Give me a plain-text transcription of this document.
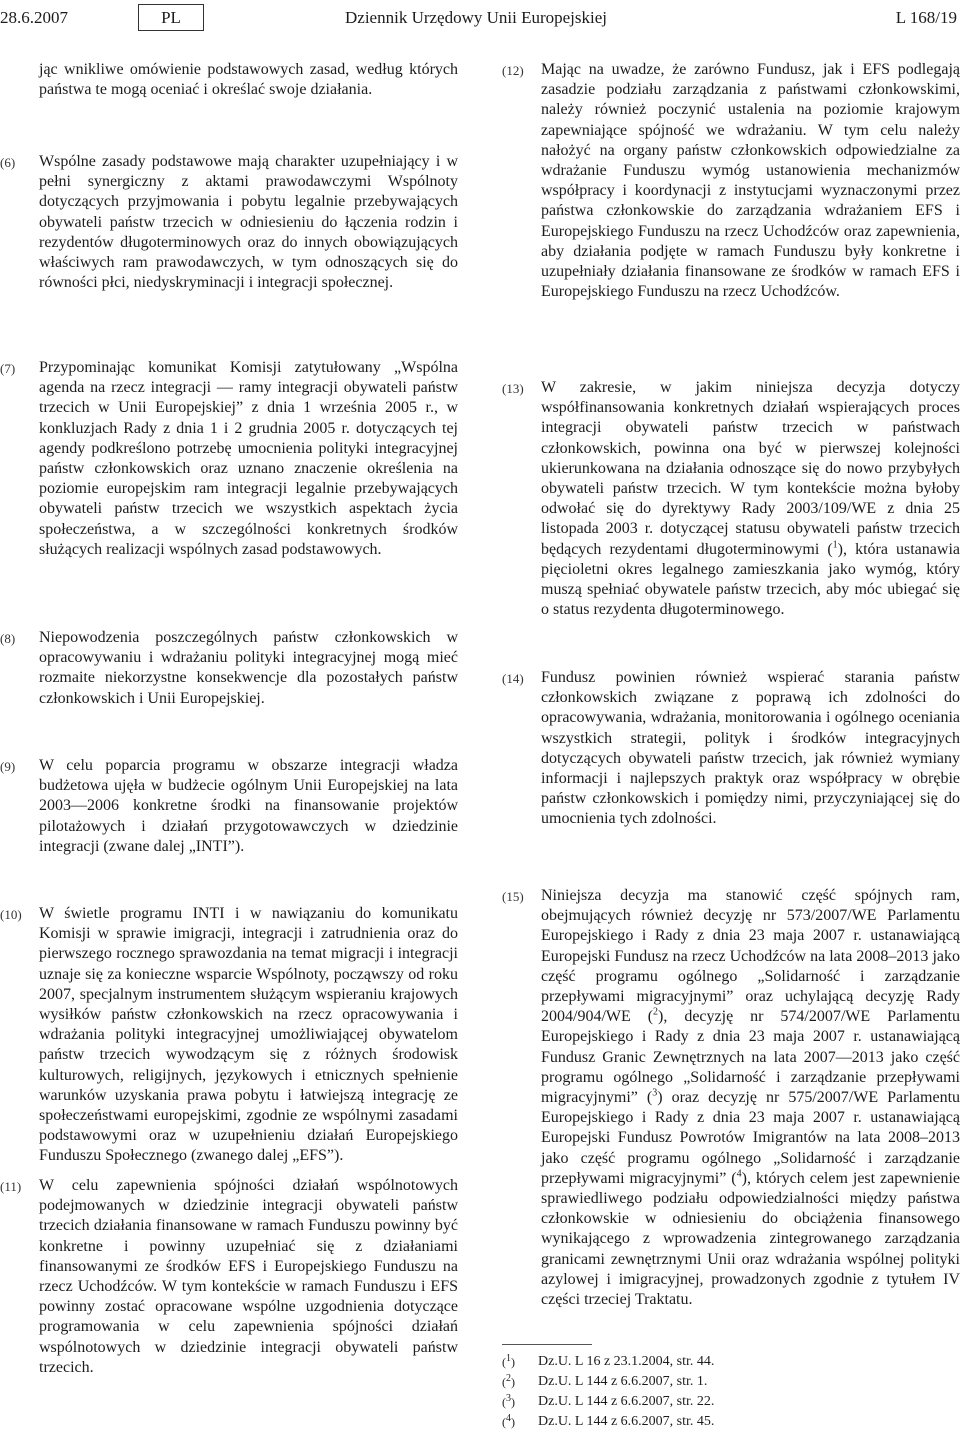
28.6.2007	PL	Dziennik Urzędowy Unii Europejskiej	L 168/19
jąc wnikliwe omówienie podstawowych zasad, według których państwa te mogą oceniać i określać swoje działania.
(6) Wspólne zasady podstawowe mają charakter uzupełniający i w pełni synergiczny z aktami prawodawczymi Wspólnoty dotyczących przyjmowania i pobytu legalnie przebywających obywateli państw trzecich w odniesieniu do łączenia rodzin i rezydentów długoterminowych oraz do innych obowiązujących właściwych ram prawodawczych, w tym odnoszących się do równości płci, niedyskryminacji i integracji społecznej.
(7) Przypominając komunikat Komisji zatytułowany „Wspólna agenda na rzecz integracji — ramy integracji obywateli państw trzecich w Unii Europejskiej” z dnia 1 września 2005 r., w konkluzjach Rady z dnia 1 i 2 grudnia 2005 r. dotyczących tej agendy podkreślono potrzebę umocnienia polityki integracyjnej państw członkowskich oraz uznano znaczenie określenia na poziomie europejskim ram integracji legalnie przebywających obywateli państw trzecich we wszystkich aspektach życia społeczeństwa, a w szczególności konkretnych środków służących realizacji wspólnych zasad podstawowych.
(8) Niepowodzenia poszczególnych państw członkowskich w opracowywaniu i wdrażaniu polityki integracyjnej mogą mieć rozmaite niekorzystne konsekwencje dla pozostałych państw członkowskich i Unii Europejskiej.
(9) W celu poparcia programu w obszarze integracji władza budżetowa ujęła w budżecie ogólnym Unii Europejskiej na lata 2003—2006 konkretne środki na finansowanie projektów pilotażowych i działań przygotowawczych w dziedzinie integracji (zwane dalej „INTI”).
(10) W świetle programu INTI i w nawiązaniu do komunikatu Komisji w sprawie imigracji, integracji i zatrudnienia oraz do pierwszego rocznego sprawozdania na temat migracji i integracji uznaje się za konieczne wsparcie Wspólnoty, począwszy od roku 2007, specjalnym instrumentem służącym wspieraniu krajowych wysiłków państw członkowskich na rzecz opracowywania i wdrażania polityki integracyjnej umożliwiającej obywatelom państw trzecich wywodzącym się z różnych środowisk kulturowych, religijnych, językowych i etnicznych spełnienie warunków uzyskania prawa pobytu i łatwiejszą integrację ze społeczeństwami europejskimi, zgodnie ze wspólnymi zasadami podstawowymi oraz w uzupełnieniu działań Europejskiego Funduszu Społecznego (zwanego dalej „EFS”).
(11) W celu zapewnienia spójności działań wspólnotowych podejmowanych w dziedzinie integracji obywateli państw trzecich działania finansowane w ramach Funduszu powinny być konkretne i powinny uzupełniać się z działaniami finansowanymi ze środków EFS i Europejskiego Funduszu na rzecz Uchodźców. W tym kontekście w ramach Funduszu i EFS powinny zostać opracowane wspólne uzgodnienia dotyczące programowania w celu zapewnienia spójności działań wspólnotowych w dziedzinie integracji obywateli państw trzecich.
(12) Mając na uwadze, że zarówno Fundusz, jak i EFS podlegają zasadzie podziału zarządzania z państwami członkowskimi, należy również poczynić ustalenia na poziomie krajowym zapewniające spójność we wdrażaniu. W tym celu należy nałożyć na organy państw członkowskich odpowiedzialne za wdrażanie Funduszu wymóg ustanowienia mechanizmów współpracy i koordynacji z instytucjami wyznaczonymi przez państwa członkowskie do zarządzania wdrażaniem EFS i Europejskiego Funduszu na rzecz Uchodźców oraz zapewnienia, aby działania podjęte w ramach Funduszu były konkretne i uzupełniały działania finansowane ze środków w ramach EFS i Europejskiego Funduszu na rzecz Uchodźców.
(13) W zakresie, w jakim niniejsza decyzja dotyczy współfinansowania konkretnych działań wspierających proces integracji obywateli państw trzecich w państwach członkowskich, powinna ona być w pierwszej kolejności ukierunkowana na działania odnoszące się do nowo przybyłych obywateli państw trzecich. W tym kontekście można byłoby odwołać się do dyrektywy Rady 2003/109/WE z dnia 25 listopada 2003 r. dotyczącej statusu obywateli państw trzecich będących rezydentami długoterminowymi ($^1$), która ustanawia pięcioletni okres legalnego zamieszkania jako wymóg, który muszą spełniać obywatele państw trzecich, aby móc ubiegać się o status rezydenta długoterminowego.
(14) Fundusz powinien również wspierać starania państw członkowskich związane z poprawą ich zdolności do opracowywania, wdrażania, monitorowania i ogólnego oceniania wszystkich strategii, polityk i środków integracyjnych dotyczących obywateli państw trzecich, jak również wymiany informacji i najlepszych praktyk oraz współpracy w obrębie państw członkowskich i pomiędzy nimi, przyczyniającej się do umocnienia tych zdolności.
(15) Niniejsza decyzja ma stanowić część spójnych ram, obejmujących również decyzję nr 573/2007/WE Parlamentu Europejskiego i Rady z dnia 23 maja 2007 r. ustanawiającą Europejski Fundusz na rzecz Uchodźców na lata 2008–2013 jako część programu ogólnego „Solidarność i zarządzanie przepływami migracyjnymi” oraz uchylającą decyzję Rady 2004/904/WE ($^2$), decyzję nr 574/2007/WE Parlamentu Europejskiego i Rady z dnia 23 maja 2007 r. ustanawiającą Fundusz Granic Zewnętrznych na lata 2007—2013 jako część programu ogólnego „Solidarność i zarządzanie przepływami migracyjnymi” ($^3$) oraz decyzję nr 575/2007/WE Parlamentu Europejskiego i Rady z dnia 23 maja 2007 r. ustanawiającą Europejski Fundusz Powrotów Imigrantów na lata 2008–2013 jako część programu ogólnego „Solidarność i zarządzanie przepływami migracyjnymi” ($^4$), których celem jest zapewnienie sprawiedliwego podziału odpowiedzialności między państwa członkowskie w odniesieniu do obciążenia finansowego wynikającego z wprowadzenia zintegrowanego zarządzania granicami zewnętrznymi Unii oraz wdrażania wspólnej polityki azylowej i imigracyjnej, prowadzonych zgodnie z tytułem IV części trzeciej Traktatu.
($^1$) Dz.U. L 16 z 23.1.2004, str. 44.
($^2$) Dz.U. L 144 z 6.6.2007, str. 1.
($^3$) Dz.U. L 144 z 6.6.2007, str. 22.
($^4$) Dz.U. L 144 z 6.6.2007, str. 45.
